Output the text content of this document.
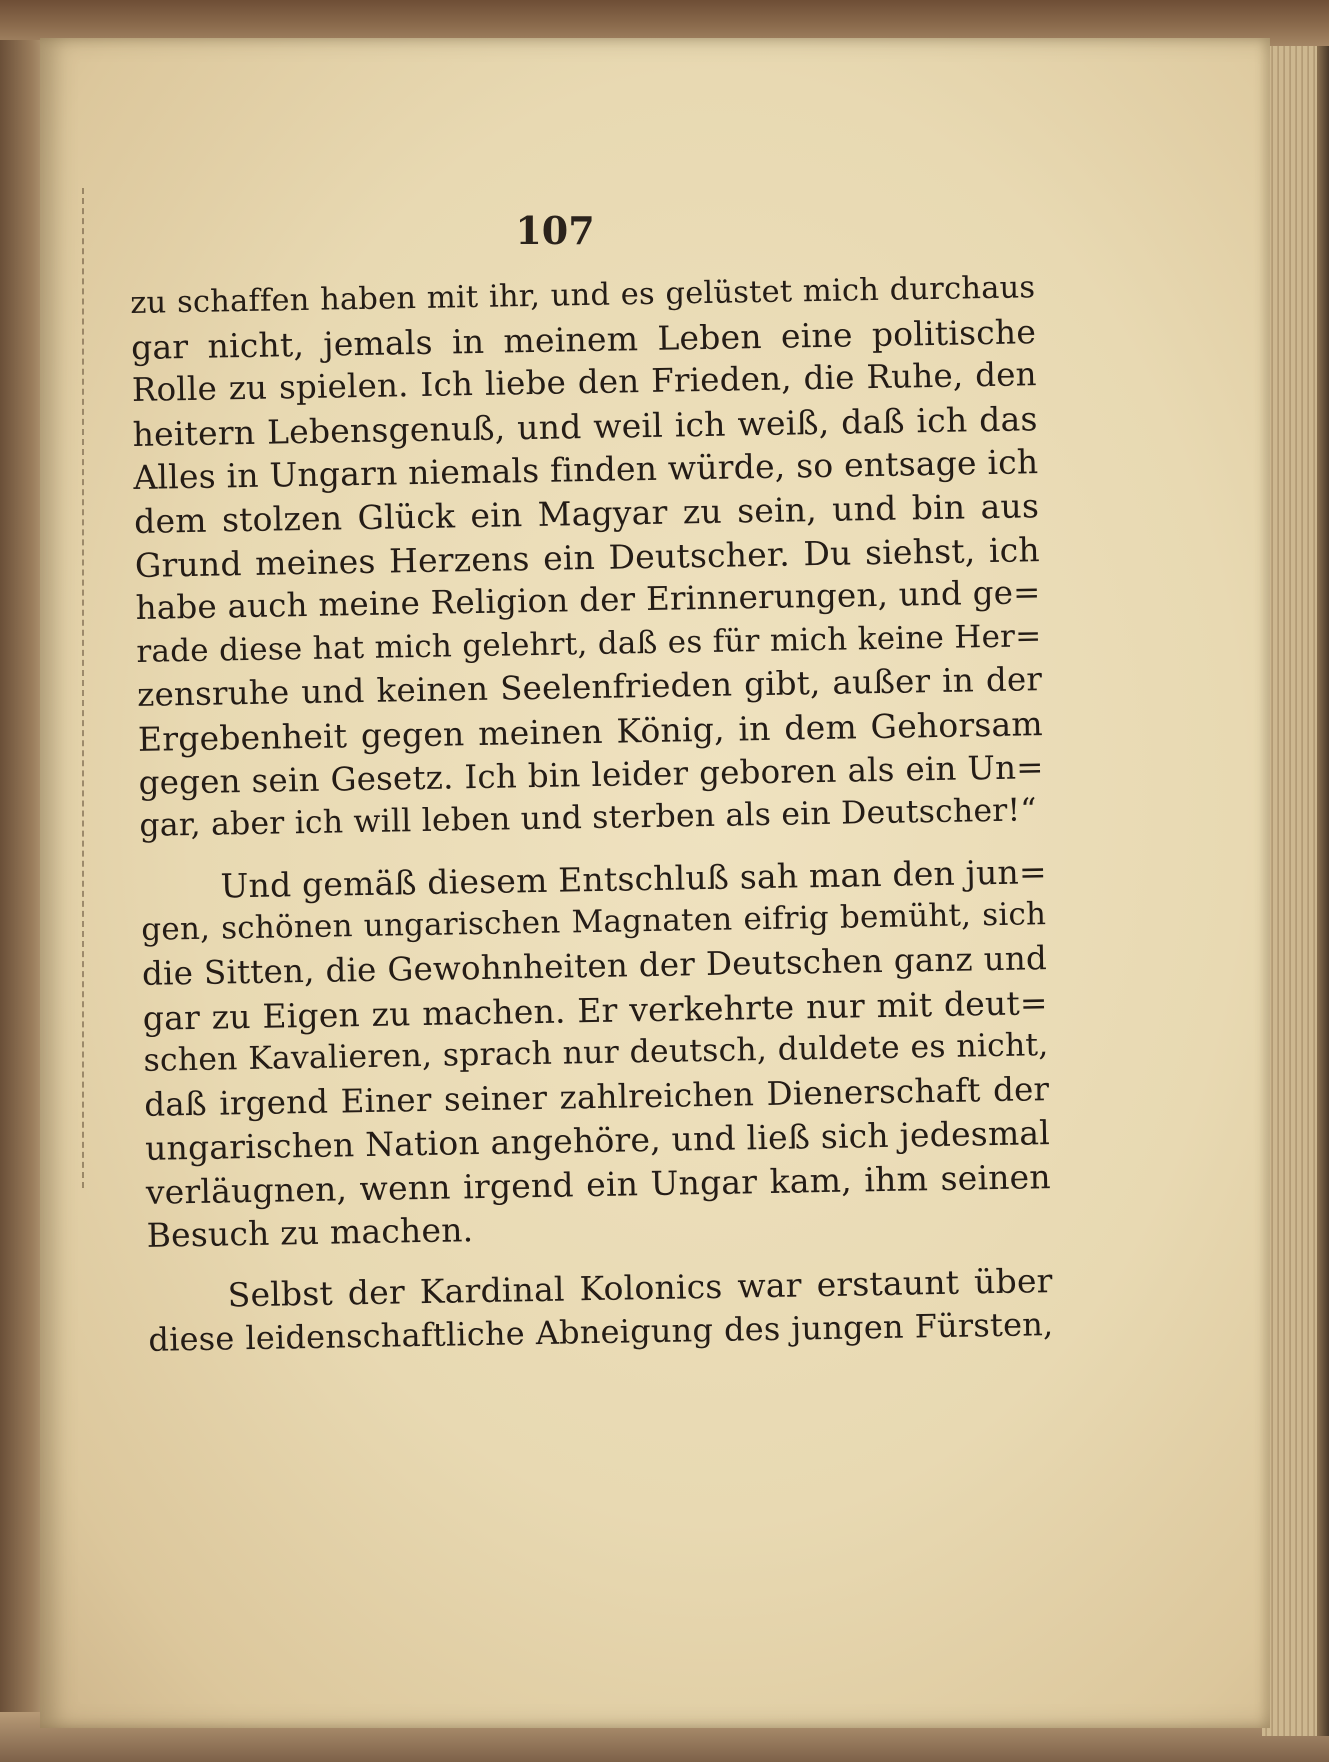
107
zu schaffen haben mit ihr, und es gelüstet mich durchaus
gar nicht, jemals in meinem Leben eine politische
Rolle zu spielen. Ich liebe den Frieden, die Ruhe, den
heitern Lebensgenuß, und weil ich weiß, daß ich das
Alles in Ungarn niemals finden würde, so entsage ich
dem stolzen Glück ein Magyar zu sein, und bin aus
Grund meines Herzens ein Deutscher. Du siehst, ich
habe auch meine Religion der Erinnerungen, und ge=
rade diese hat mich gelehrt, daß es für mich keine Her=
zensruhe und keinen Seelenfrieden gibt, außer in der
Ergebenheit gegen meinen König, in dem Gehorsam
gegen sein Gesetz. Ich bin leider geboren als ein Un=
gar, aber ich will leben und sterben als ein Deutscher!“
Und gemäß diesem Entschluß sah man den jun=
gen, schönen ungarischen Magnaten eifrig bemüht, sich
die Sitten, die Gewohnheiten der Deutschen ganz und
gar zu Eigen zu machen. Er verkehrte nur mit deut=
schen Kavalieren, sprach nur deutsch, duldete es nicht,
daß irgend Einer seiner zahlreichen Dienerschaft der
ungarischen Nation angehöre, und ließ sich jedesmal
verläugnen, wenn irgend ein Ungar kam, ihm seinen
Besuch zu machen.
Selbst der Kardinal Kolonics war erstaunt über
diese leidenschaftliche Abneigung des jungen Fürsten,
